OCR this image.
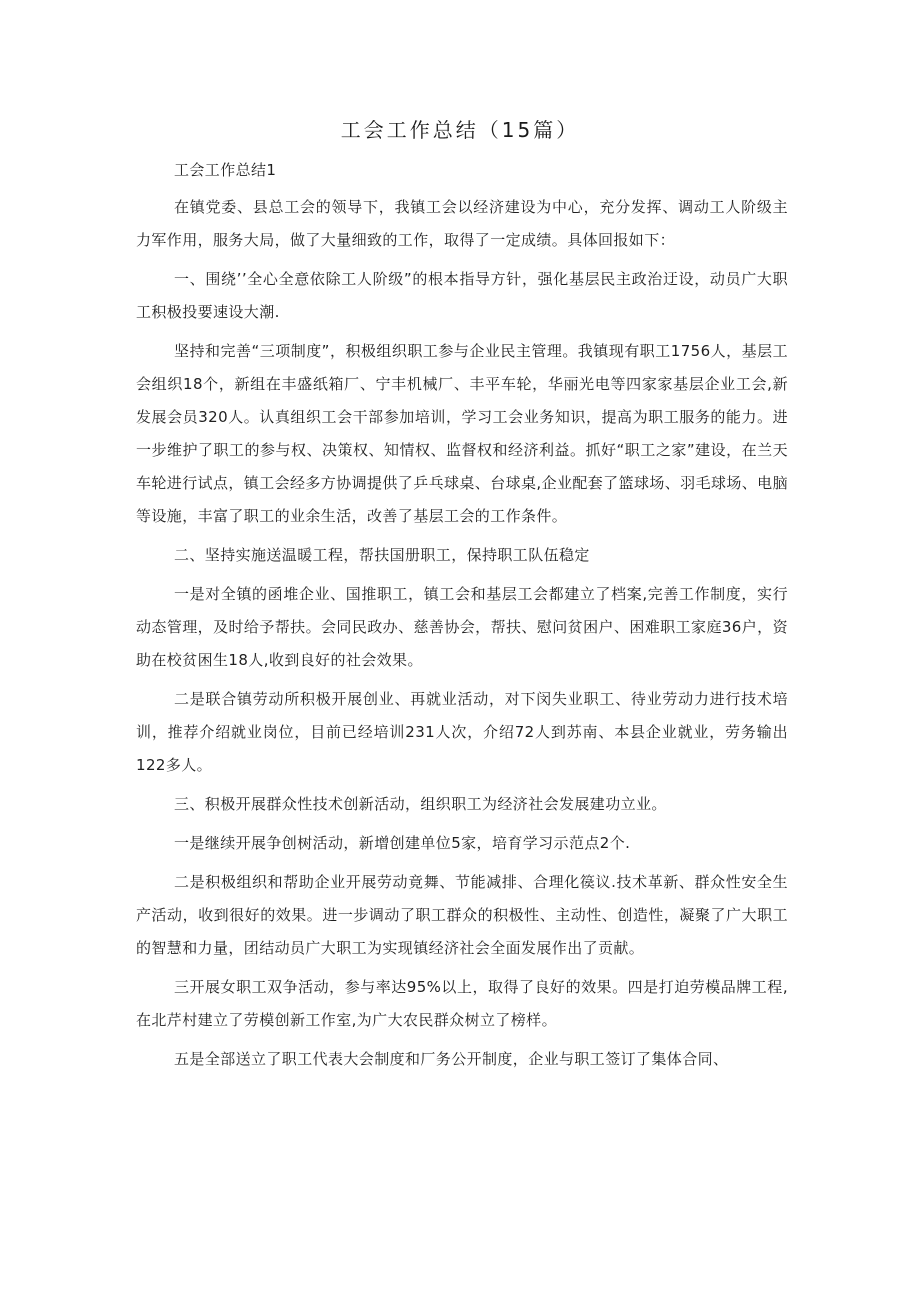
工会工作总结（15篇）

工会工作总结1

在镇党委、县总工会的领导下，我镇工会以经济建设为中心，充分发挥、调动工人阶级主力军作用，服务大局，做了大量细致的工作，取得了一定成绩。具体回报如下：

一、围绕’’全心全意依除工人阶级”的根本指导方针，强化基层民主政治迂设，动员广大职工积极投要速设大潮.

坚持和完善“三项制度”，积极组织职工参与企业民主管理。我镇现有职工1756人，基层工会组织18个，新组在丰盛纸箱厂、宁丰机械厂、丰平车轮，华丽光电等四家家基层企业工会,新发展会员320人。认真组织工会干部参加培训，学习工会业务知识，提高为职工服务的能力。进一步维护了职工的参与权、决策权、知情权、监督权和经济利益。抓好“职工之家”建设，在兰天车轮进行试点，镇工会经多方协调提供了乒乓球桌、台球桌,企业配套了篮球场、羽毛球场、电脑等设施，丰富了职工的业余生活，改善了基层工会的工作条件。

二、坚持实施送温暖工程，帮扶国册职工，保持职工队伍稳定

一是对全镇的函堆企业、国推职工，镇工会和基层工会都建立了档案,完善工作制度，实行动态管理，及时给予帮扶。会同民政办、慈善协会，帮扶、慰问贫困户、困难职工家庭36户，资助在校贫困生18人,收到良好的社会效果。

二是联合镇劳动所积极开展创业、再就业活动，对下闵失业职工、待业劳动力进行技术培训，推荐介绍就业岗位，目前已经培训231人次，介绍72人到苏南、本县企业就业，劳务输出122多人。

三、积极开展群众性技术创新活动，组织职工为经济社会发展建功立业。

一是继续开展争创树活动，新增创建单位5家，培育学习示范点2个.

二是积极组织和帮助企业开展劳动竟舞、节能减排、合理化篌议.技术革新、群众性安全生产活动，收到很好的效果。进一步调动了职工群众的积极性、主动性、创造性，凝聚了广大职工的智慧和力量，团结动员广大职工为实现镇经济社会全面发展作出了贡献。

三开展女职工双争活动，参与率达95%以上，取得了良好的效果。四是打迫劳模品牌工程,在北芹村建立了劳模创新工作室,为广大农民群众树立了榜样。

五是全部送立了职工代表大会制度和厂务公开制度，企业与职工签订了集体合同、
